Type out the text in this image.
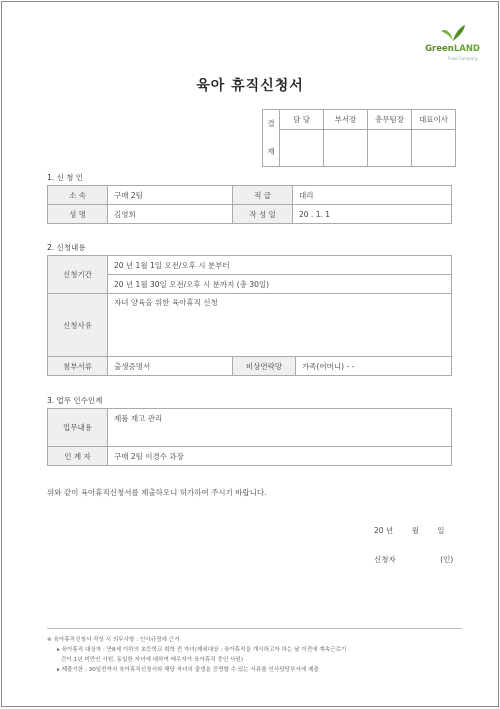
GreenLAND
Food Company
육아 휴직신청서
결
재	담 당	부서장	총무팀장	대표이사

1. 신 청 인
소 속	구매 2팀	직 급	대리
성 명	김영희	작 성 일	20 . 1. 1
2. 신청내용
신청기간	20 년 1월 1일 오전/오후 시 분부터		
	20 년 1월 30일 오전/오후 시 분까지 (총 30일)		
신청사유	자녀 양육을 위한 육아휴직 신청		
첨부서류	출생증명서	비상연락망	가족(어머니) - -
3. 업무 인수인계
업무내용	제품 재고 관리
인 계 자	구매 2팀 이경수 과장
위와 같이 육아휴직신청서를 제출하오니 허가하여 주시기 바랍니다.
20 년 월 일
신청자	(인)
※ 육아휴직신청서 작성 시 의무사항 : 인사규정에 근거
▸ 육아휴직 대상자 : 만8세 이하의 초등학교 취학 전 자녀(제외대상 : 육아휴직을 개시하고자 하는 날 이전에 계속근로기
간이 1년 미만인 사원, 동일한 자녀에 대하여 배우자가 육아휴직 중인 사원)
▸ 제출기한 : 30일전까지 육아휴직신청서와 해당 자녀의 출생을 증명할 수 있는 서류를 인사담당부서에 제출
